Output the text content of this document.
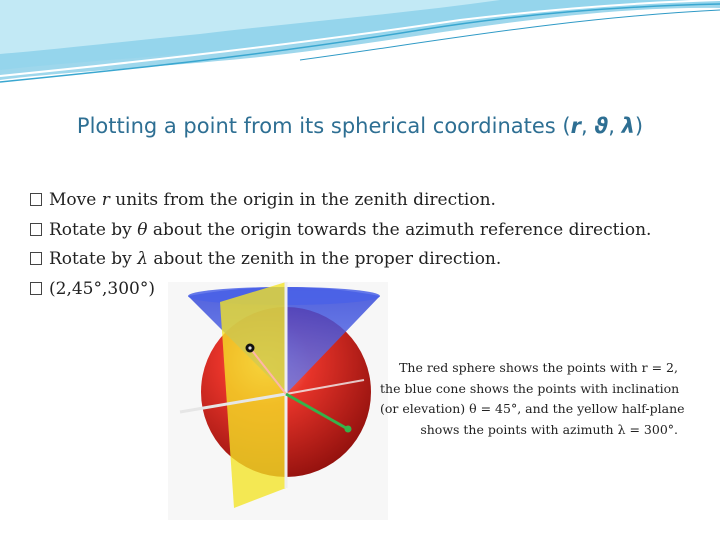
Plotting a point from its spherical coordinates (r, ϑ, λ)
Move r units from the origin in the zenith direction.
Rotate by θ about the origin towards the azimuth reference direction.
Rotate by λ about the zenith in the proper direction.
(2,45°,300°)
The red sphere shows the points with r = 2,
the blue cone shows the points with inclination
(or elevation) θ = 45°, and the yellow half-plane
shows the points with azimuth λ = 300°.
